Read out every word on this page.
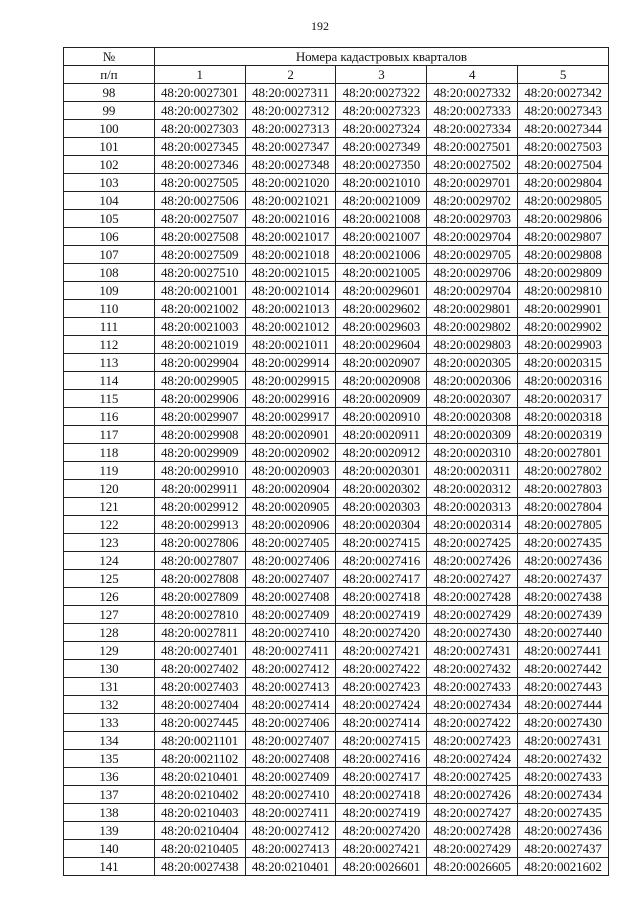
192
№	Номера кадастровых кварталов				
п/п	1	2	3	4	5
98	48:20:0027301	48:20:0027311	48:20:0027322	48:20:0027332	48:20:0027342
99	48:20:0027302	48:20:0027312	48:20:0027323	48:20:0027333	48:20:0027343
100	48:20:0027303	48:20:0027313	48:20:0027324	48:20:0027334	48:20:0027344
101	48:20:0027345	48:20:0027347	48:20:0027349	48:20:0027501	48:20:0027503
102	48:20:0027346	48:20:0027348	48:20:0027350	48:20:0027502	48:20:0027504
103	48:20:0027505	48:20:0021020	48:20:0021010	48:20:0029701	48:20:0029804
104	48:20:0027506	48:20:0021021	48:20:0021009	48:20:0029702	48:20:0029805
105	48:20:0027507	48:20:0021016	48:20:0021008	48:20:0029703	48:20:0029806
106	48:20:0027508	48:20:0021017	48:20:0021007	48:20:0029704	48:20:0029807
107	48:20:0027509	48:20:0021018	48:20:0021006	48:20:0029705	48:20:0029808
108	48:20:0027510	48:20:0021015	48:20:0021005	48:20:0029706	48:20:0029809
109	48:20:0021001	48:20:0021014	48:20:0029601	48:20:0029704	48:20:0029810
110	48:20:0021002	48:20:0021013	48:20:0029602	48:20:0029801	48:20:0029901
111	48:20:0021003	48:20:0021012	48:20:0029603	48:20:0029802	48:20:0029902
112	48:20:0021019	48:20:0021011	48:20:0029604	48:20:0029803	48:20:0029903
113	48:20:0029904	48:20:0029914	48:20:0020907	48:20:0020305	48:20:0020315
114	48:20:0029905	48:20:0029915	48:20:0020908	48:20:0020306	48:20:0020316
115	48:20:0029906	48:20:0029916	48:20:0020909	48:20:0020307	48:20:0020317
116	48:20:0029907	48:20:0029917	48:20:0020910	48:20:0020308	48:20:0020318
117	48:20:0029908	48:20:0020901	48:20:0020911	48:20:0020309	48:20:0020319
118	48:20:0029909	48:20:0020902	48:20:0020912	48:20:0020310	48:20:0027801
119	48:20:0029910	48:20:0020903	48:20:0020301	48:20:0020311	48:20:0027802
120	48:20:0029911	48:20:0020904	48:20:0020302	48:20:0020312	48:20:0027803
121	48:20:0029912	48:20:0020905	48:20:0020303	48:20:0020313	48:20:0027804
122	48:20:0029913	48:20:0020906	48:20:0020304	48:20:0020314	48:20:0027805
123	48:20:0027806	48:20:0027405	48:20:0027415	48:20:0027425	48:20:0027435
124	48:20:0027807	48:20:0027406	48:20:0027416	48:20:0027426	48:20:0027436
125	48:20:0027808	48:20:0027407	48:20:0027417	48:20:0027427	48:20:0027437
126	48:20:0027809	48:20:0027408	48:20:0027418	48:20:0027428	48:20:0027438
127	48:20:0027810	48:20:0027409	48:20:0027419	48:20:0027429	48:20:0027439
128	48:20:0027811	48:20:0027410	48:20:0027420	48:20:0027430	48:20:0027440
129	48:20:0027401	48:20:0027411	48:20:0027421	48:20:0027431	48:20:0027441
130	48:20:0027402	48:20:0027412	48:20:0027422	48:20:0027432	48:20:0027442
131	48:20:0027403	48:20:0027413	48:20:0027423	48:20:0027433	48:20:0027443
132	48:20:0027404	48:20:0027414	48:20:0027424	48:20:0027434	48:20:0027444
133	48:20:0027445	48:20:0027406	48:20:0027414	48:20:0027422	48:20:0027430
134	48:20:0021101	48:20:0027407	48:20:0027415	48:20:0027423	48:20:0027431
135	48:20:0021102	48:20:0027408	48:20:0027416	48:20:0027424	48:20:0027432
136	48:20:0210401	48:20:0027409	48:20:0027417	48:20:0027425	48:20:0027433
137	48:20:0210402	48:20:0027410	48:20:0027418	48:20:0027426	48:20:0027434
138	48:20:0210403	48:20:0027411	48:20:0027419	48:20:0027427	48:20:0027435
139	48:20:0210404	48:20:0027412	48:20:0027420	48:20:0027428	48:20:0027436
140	48:20:0210405	48:20:0027413	48:20:0027421	48:20:0027429	48:20:0027437
141	48:20:0027438	48:20:0210401	48:20:0026601	48:20:0026605	48:20:0021602
